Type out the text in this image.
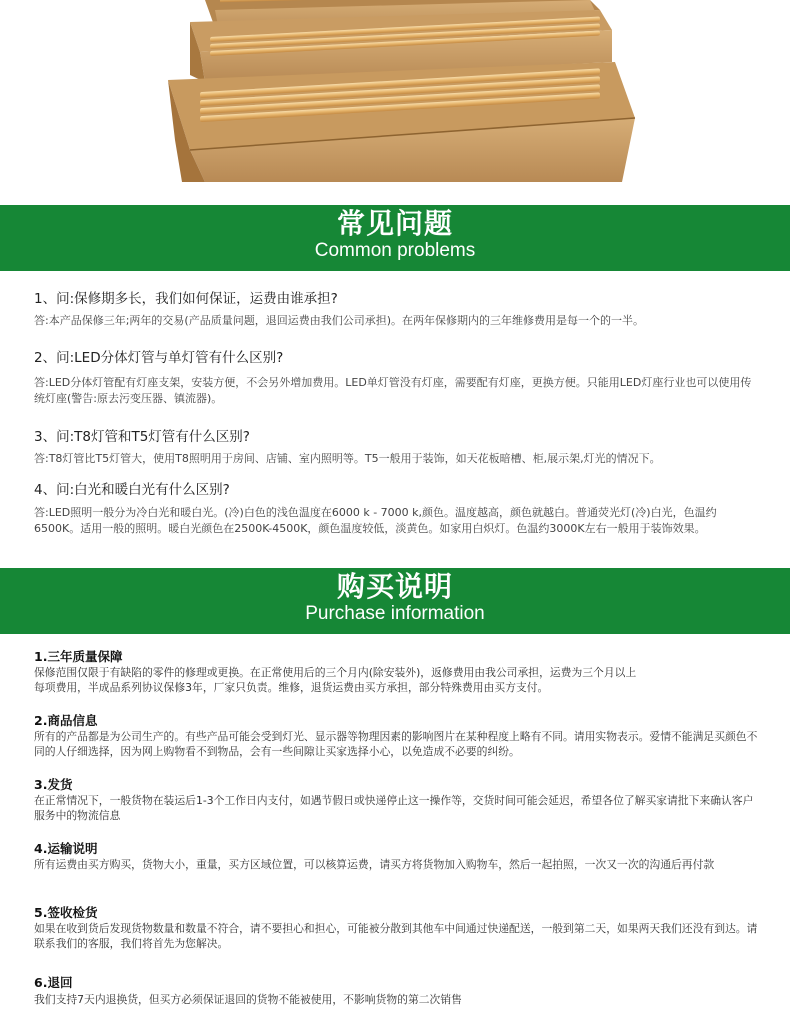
常见问题
Common problems
1、问:保修期多长，我们如何保证，运费由谁承担?
答:本产品保修三年;两年的交易(产品质量问题，退回运费由我们公司承担)。在两年保修期内的三年维修费用是每一个的一半。
2、问:LED分体灯管与单灯管有什么区别?
答:LED分体灯管配有灯座支架，安装方便，不会另外增加费用。LED单灯管没有灯座，需要配有灯座，更换方便。只能用LED灯座行业也可以使用传统灯座(警告:原去污变压器、镇流器)。
3、问:T8灯管和T5灯管有什么区别?
答:T8灯管比T5灯管大，使用T8照明用于房间、店铺、室内照明等。T5一般用于装饰，如天花板暗槽、柜,展示架,灯光的情况下。
4、问:白光和暖白光有什么区别?
答:LED照明一般分为冷白光和暖白光。(冷)白色的浅色温度在6000 k - 7000 k,颜色。温度越高，颜色就越白。普通荧光灯(冷)白光，色温约6500K。适用一般的照明。暖白光颜色在2500K-4500K，颜色温度较低，淡黄色。如家用白炽灯。色温约3000K左右一般用于装饰效果。
购买说明
Purchase information
1.三年质量保障
保修范围仅限于有缺陷的零件的修理或更换。在正常使用后的三个月内(除安装外)，返修费用由我公司承担，运费为三个月以上
每项费用，半成品系列协议保修3年，厂家只负责。维修，退货运费由买方承担，部分特殊费用由买方支付。
2.商品信息
所有的产品都是为公司生产的。有些产品可能会受到灯光、显示器等物理因素的影响图片在某种程度上略有不同。请用实物表示。爱情不能满足买颜色不同的人仔细选择，因为网上购物看不到物品，会有一些间隙让买家选择小心，以免造成不必要的纠纷。
3.发货
在正常情况下，一般货物在装运后1-3个工作日内支付，如遇节假日或快递停止这一操作等，交货时间可能会延迟，希望各位了解买家请批下来确认客户服务中的物流信息
4.运输说明
所有运费由买方购买，货物大小，重量，买方区域位置，可以核算运费，请买方将货物加入购物车，然后一起拍照，一次又一次的沟通后再付款
5.签收检货
如果在收到货后发现货物数量和数量不符合，请不要担心和担心，可能被分散到其他车中间通过快递配送，一般到第二天，如果两天我们还没有到达。请联系我们的客服，我们将首先为您解决。
6.退回
我们支持7天内退换货，但买方必须保证退回的货物不能被使用，不影响货物的第二次销售
